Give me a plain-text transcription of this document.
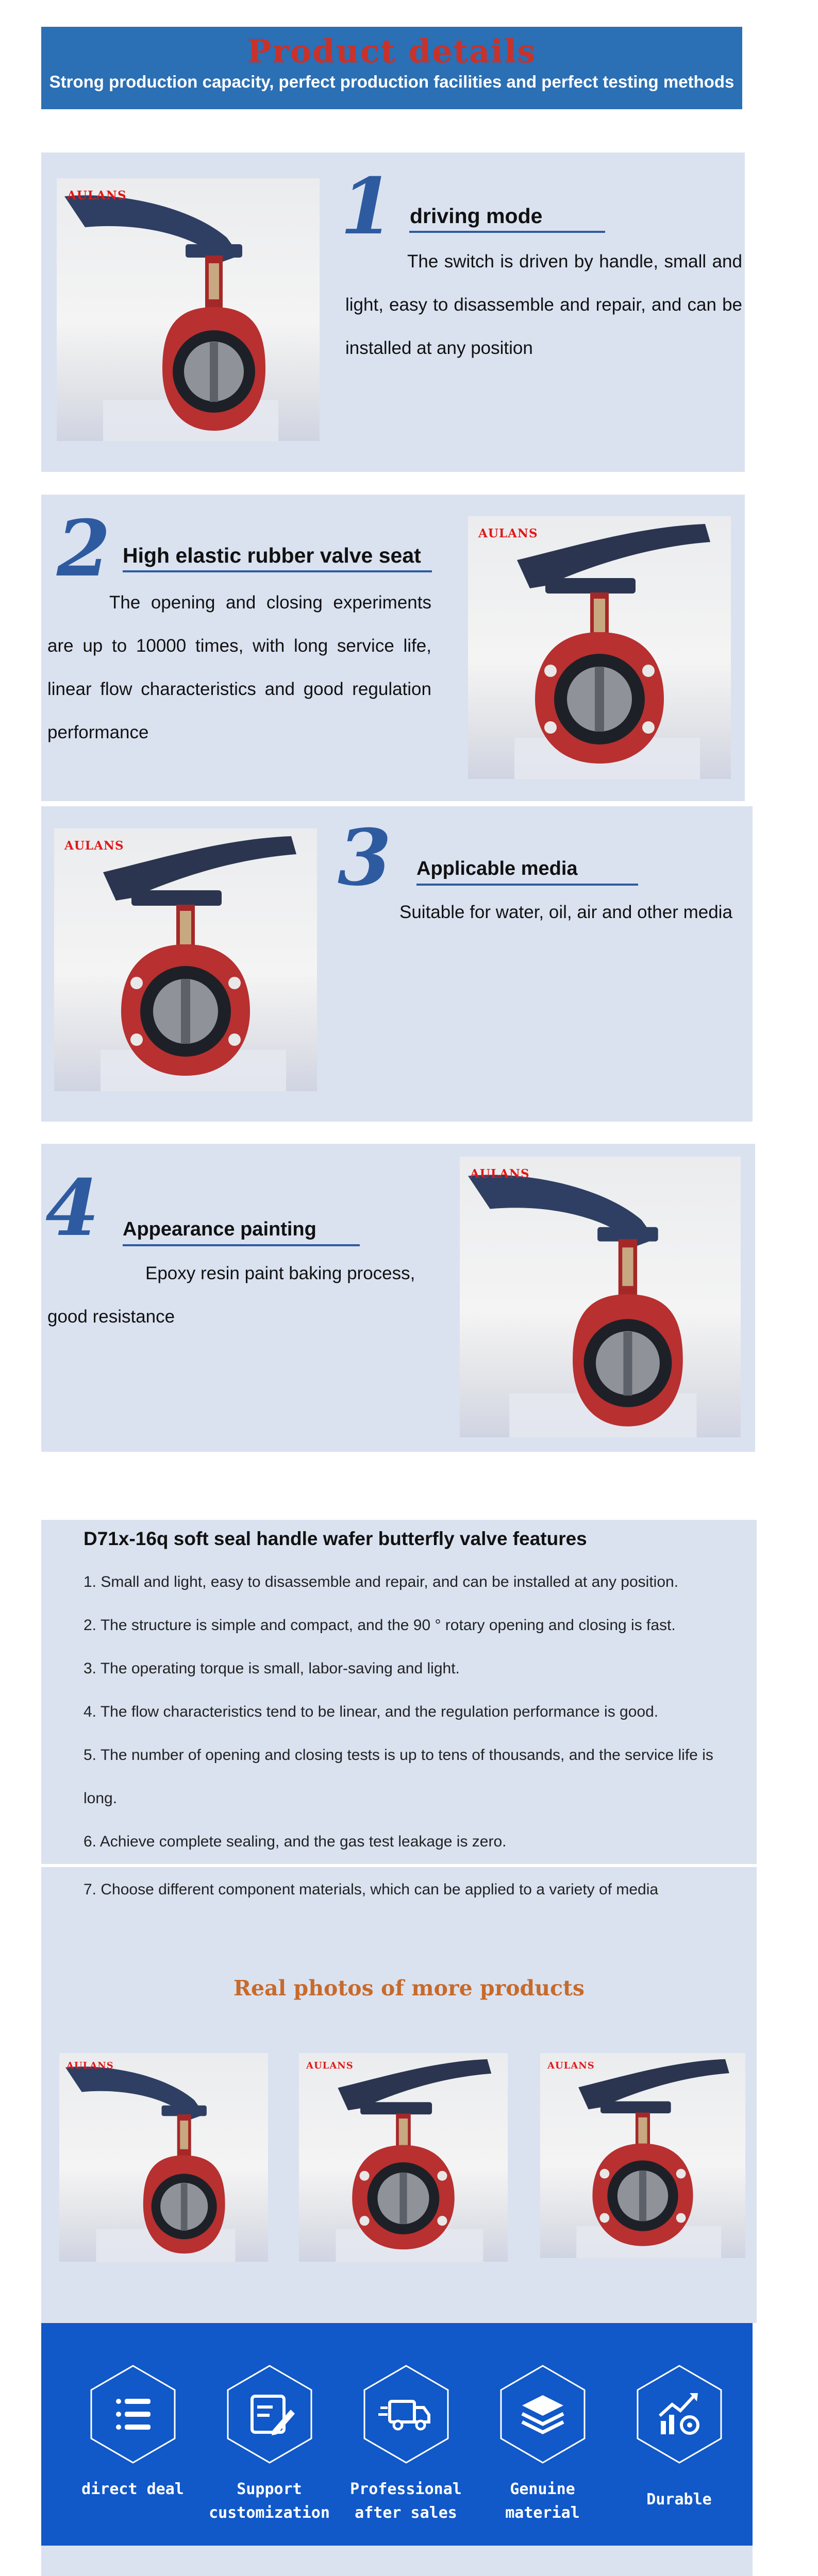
Product details
Strong production capacity, perfect production facilities and perfect testing methods
AULANS	1 driving mode
The switch is driven by handle, small and light, easy to disassemble and repair, and can be installed at any position
2 High elastic rubber valve seat
The opening and closing experiments are up to 10000 times, with long service life, linear flow characteristics and good regulation performance
AULANS
AULANS	3 Applicable media
Suitable for water, oil, air and other media
4 Appearance painting
Epoxy resin paint baking process, good resistance
AULANS
D71x-16q soft seal handle wafer butterfly valve features
1. Small and light, easy to disassemble and repair, and can be installed at any position.
2. The structure is simple and compact, and the 90 ° rotary opening and closing is fast.
3. The operating torque is small, labor-saving and light.
4. The flow characteristics tend to be linear, and the regulation performance is good.
5. The number of opening and closing tests is up to tens of thousands, and the service life is
long.
6. Achieve complete sealing, and the gas test leakage is zero.
7. Choose different component materials, which can be applied to a variety of media
Real photos of more products
AULANS	AULANS	AULANS
direct deal	Support customization
Professional after sales
Genuine material
Durable
